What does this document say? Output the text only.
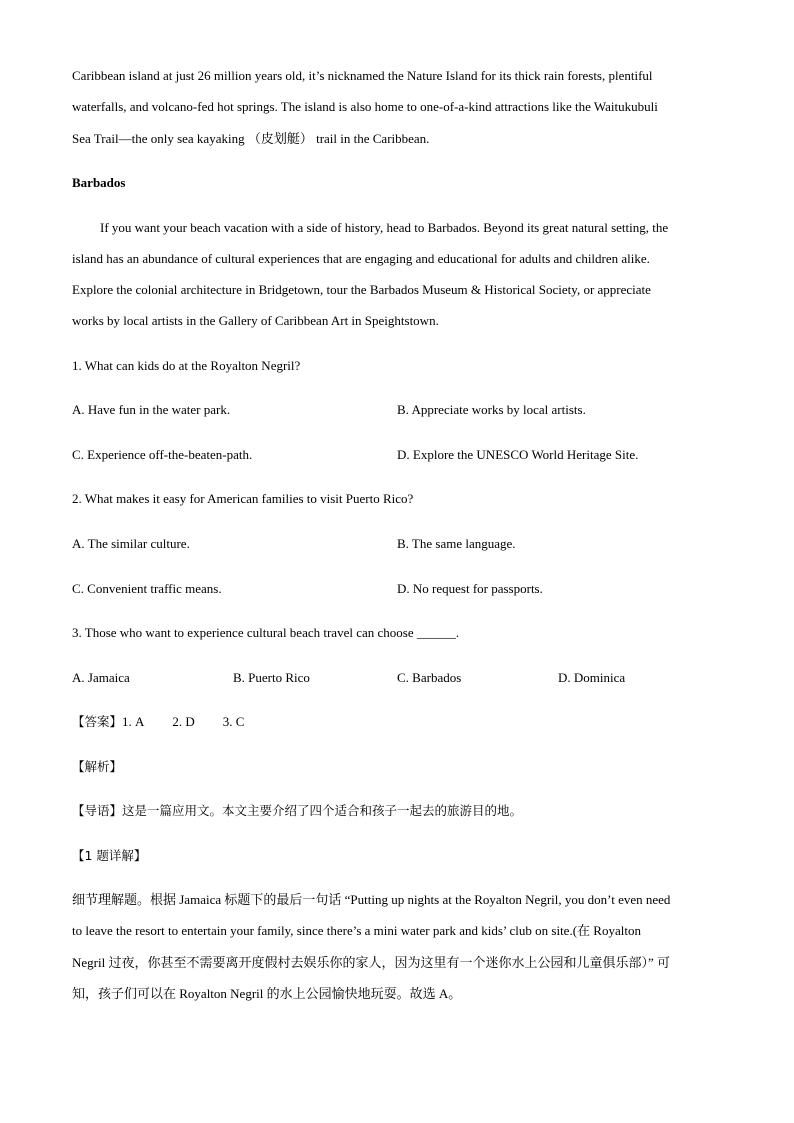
Caribbean island at just 26 million years old, it’s nicknamed the Nature Island for its thick rain forests, plentiful
waterfalls, and volcano-fed hot springs. The island is also home to one-of-a-kind attractions like the Waitukubuli
Sea Trail—the only sea kayaking （皮划艇） trail in the Caribbean.
Barbados
If you want your beach vacation with a side of history, head to Barbados. Beyond its great natural setting, the
island has an abundance of cultural experiences that are engaging and educational for adults and children alike.
Explore the colonial architecture in Bridgetown, tour the Barbados Museum & Historical Society, or appreciate
works by local artists in the Gallery of Caribbean Art in Speightstown.
1. What can kids do at the Royalton Negril?
A. Have fun in the water park.	B. Appreciate works by local artists.
C. Experience off-the-beaten-path.	D. Explore the UNESCO World Heritage Site.
2. What makes it easy for American families to visit Puerto Rico?
A. The similar culture.	B. The same language.
C. Convenient traffic means.	D. No request for passports.
3. Those who want to experience cultural beach travel can choose ______.
A. Jamaica	B. Puerto Rico	C. Barbados	D. Dominica
【答案】1. A 2. D 3. C
【解析】
【导语】这是一篇应用文。本文主要介绍了四个适合和孩子一起去的旅游目的地。
【1 题详解】
细节理解题。根据 Jamaica 标题下的最后一句话 “Putting up nights at the Royalton Negril, you don’t even need
to leave the resort to entertain your family, since there’s a mini water park and kids’ club on site.(在 Royalton
Negril 过夜，你甚至不需要离开度假村去娱乐你的家人，因为这里有一个迷你水上公园和儿童俱乐部）” 可
知，孩子们可以在 Royalton Negril 的水上公园愉快地玩耍。故选 A。
